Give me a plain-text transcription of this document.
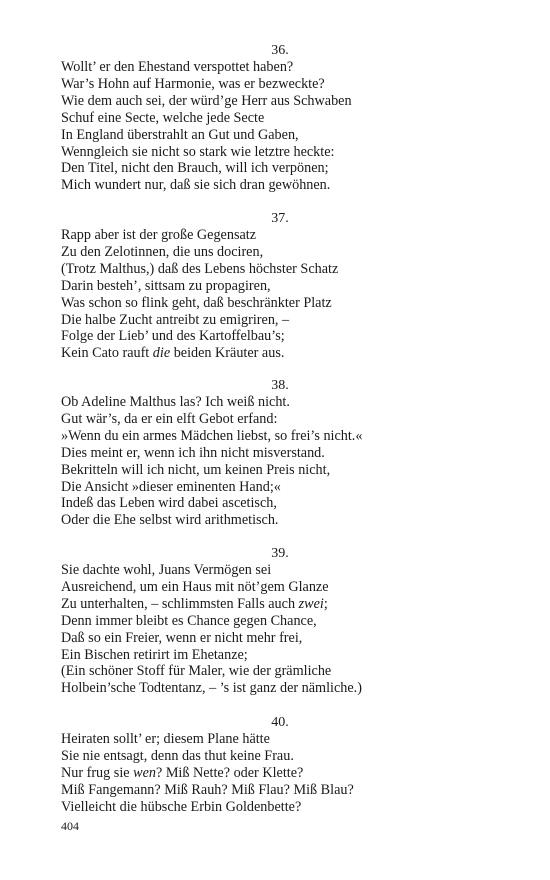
36.
Wollt’ er den Ehestand verspottet haben?
War’s Hohn auf Harmonie, was er bezweckte?
Wie dem auch sei, der würd’ge Herr aus Schwaben
Schuf eine Secte, welche jede Secte
In England überstrahlt an Gut und Gaben,
Wenngleich sie nicht so stark wie letztre heckte:
Den Titel, nicht den Brauch, will ich verpönen;
Mich wundert nur, daß sie sich dran gewöhnen.
37.
Rapp aber ist der große Gegensatz
Zu den Zelotinnen, die uns dociren,
(Trotz Malthus,) daß des Lebens höchster Schatz
Darin besteh’, sittsam zu propagiren,
Was schon so flink geht, daß beschränkter Platz
Die halbe Zucht antreibt zu emigriren, –
Folge der Lieb’ und des Kartoffelbau’s;
Kein Cato rauft die beiden Kräuter aus.
38.
Ob Adeline Malthus las? Ich weiß nicht.
Gut wär’s, da er ein elft Gebot erfand:
»Wenn du ein armes Mädchen liebst, so frei’s nicht.«
Dies meint er, wenn ich ihn nicht misverstand.
Bekritteln will ich nicht, um keinen Preis nicht,
Die Ansicht »dieser eminenten Hand;«
Indeß das Leben wird dabei ascetisch,
Oder die Ehe selbst wird arithmetisch.
39.
Sie dachte wohl, Juans Vermögen sei
Ausreichend, um ein Haus mit nöt’gem Glanze
Zu unterhalten, – schlimmsten Falls auch zwei;
Denn immer bleibt es Chance gegen Chance,
Daß so ein Freier, wenn er nicht mehr frei,
Ein Bischen retirirt im Ehetanze;
(Ein schöner Stoff für Maler, wie der grämliche
Holbein’sche Todtentanz, – ’s ist ganz der nämliche.)
40.
Heiraten sollt’ er; diesem Plane hätte
Sie nie entsagt, denn das thut keine Frau.
Nur frug sie wen? Miß Nette? oder Klette?
Miß Fangemann? Miß Rauh? Miß Flau? Miß Blau?
Vielleicht die hübsche Erbin Goldenbette?
404
